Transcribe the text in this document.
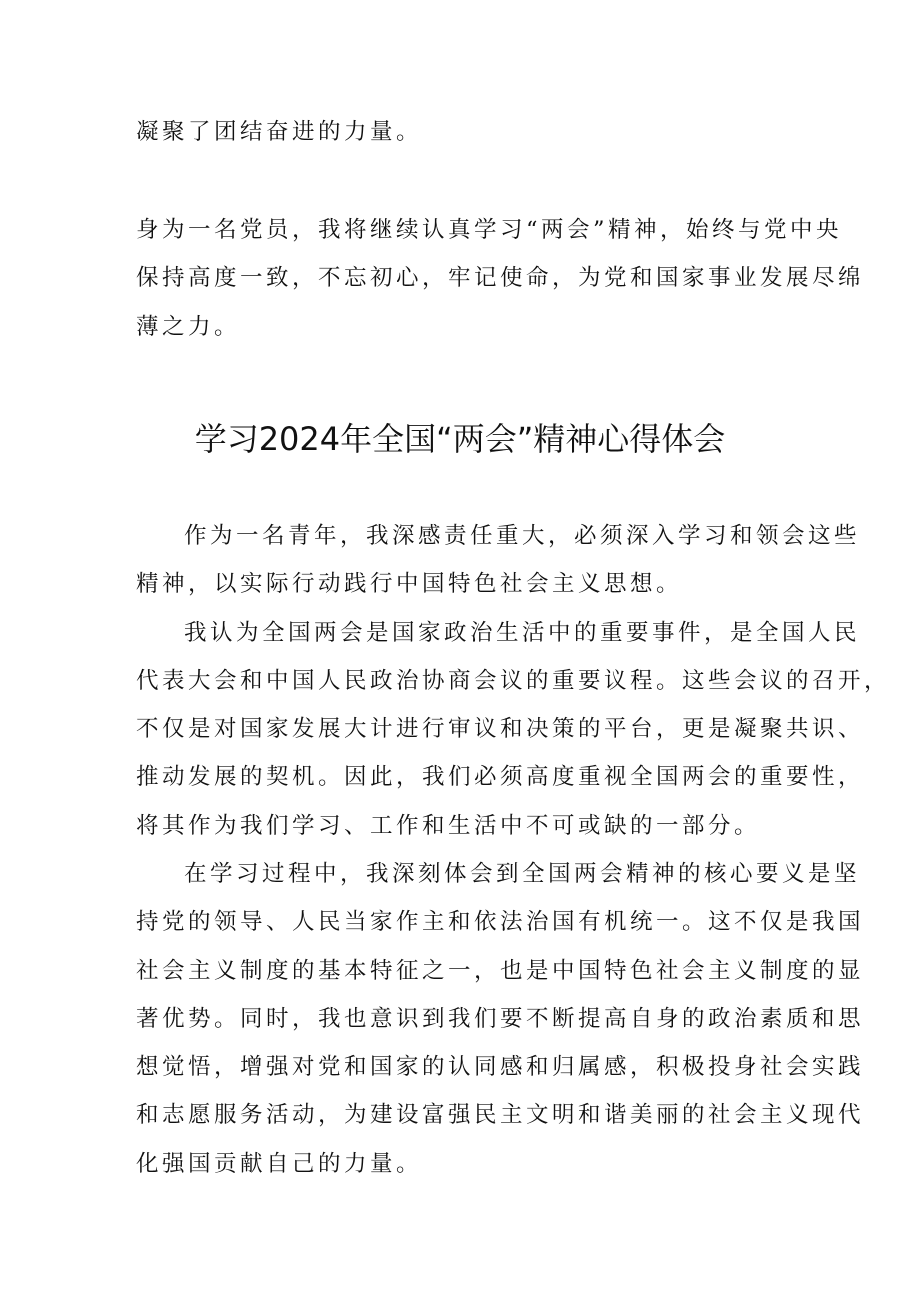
凝聚了团结奋进的力量。
身为一名党员，我将继续认真学习“两会”精神，始终与党中央
保持高度一致，不忘初心，牢记使命，为党和国家事业发展尽绵
薄之力。
学习2024年全国“两会”精神心得体会
作为一名青年，我深感责任重大，必须深入学习和领会这些
精神，以实际行动践行中国特色社会主义思想。
我认为全国两会是国家政治生活中的重要事件，是全国人民
代表大会和中国人民政治协商会议的重要议程。这些会议的召开，
不仅是对国家发展大计进行审议和决策的平台，更是凝聚共识、
推动发展的契机。因此，我们必须高度重视全国两会的重要性，
将其作为我们学习、工作和生活中不可或缺的一部分。
在学习过程中，我深刻体会到全国两会精神的核心要义是坚
持党的领导、人民当家作主和依法治国有机统一。这不仅是我国
社会主义制度的基本特征之一，也是中国特色社会主义制度的显
著优势。同时，我也意识到我们要不断提高自身的政治素质和思
想觉悟，增强对党和国家的认同感和归属感，积极投身社会实践
和志愿服务活动，为建设富强民主文明和谐美丽的社会主义现代
化强国贡献自己的力量。
